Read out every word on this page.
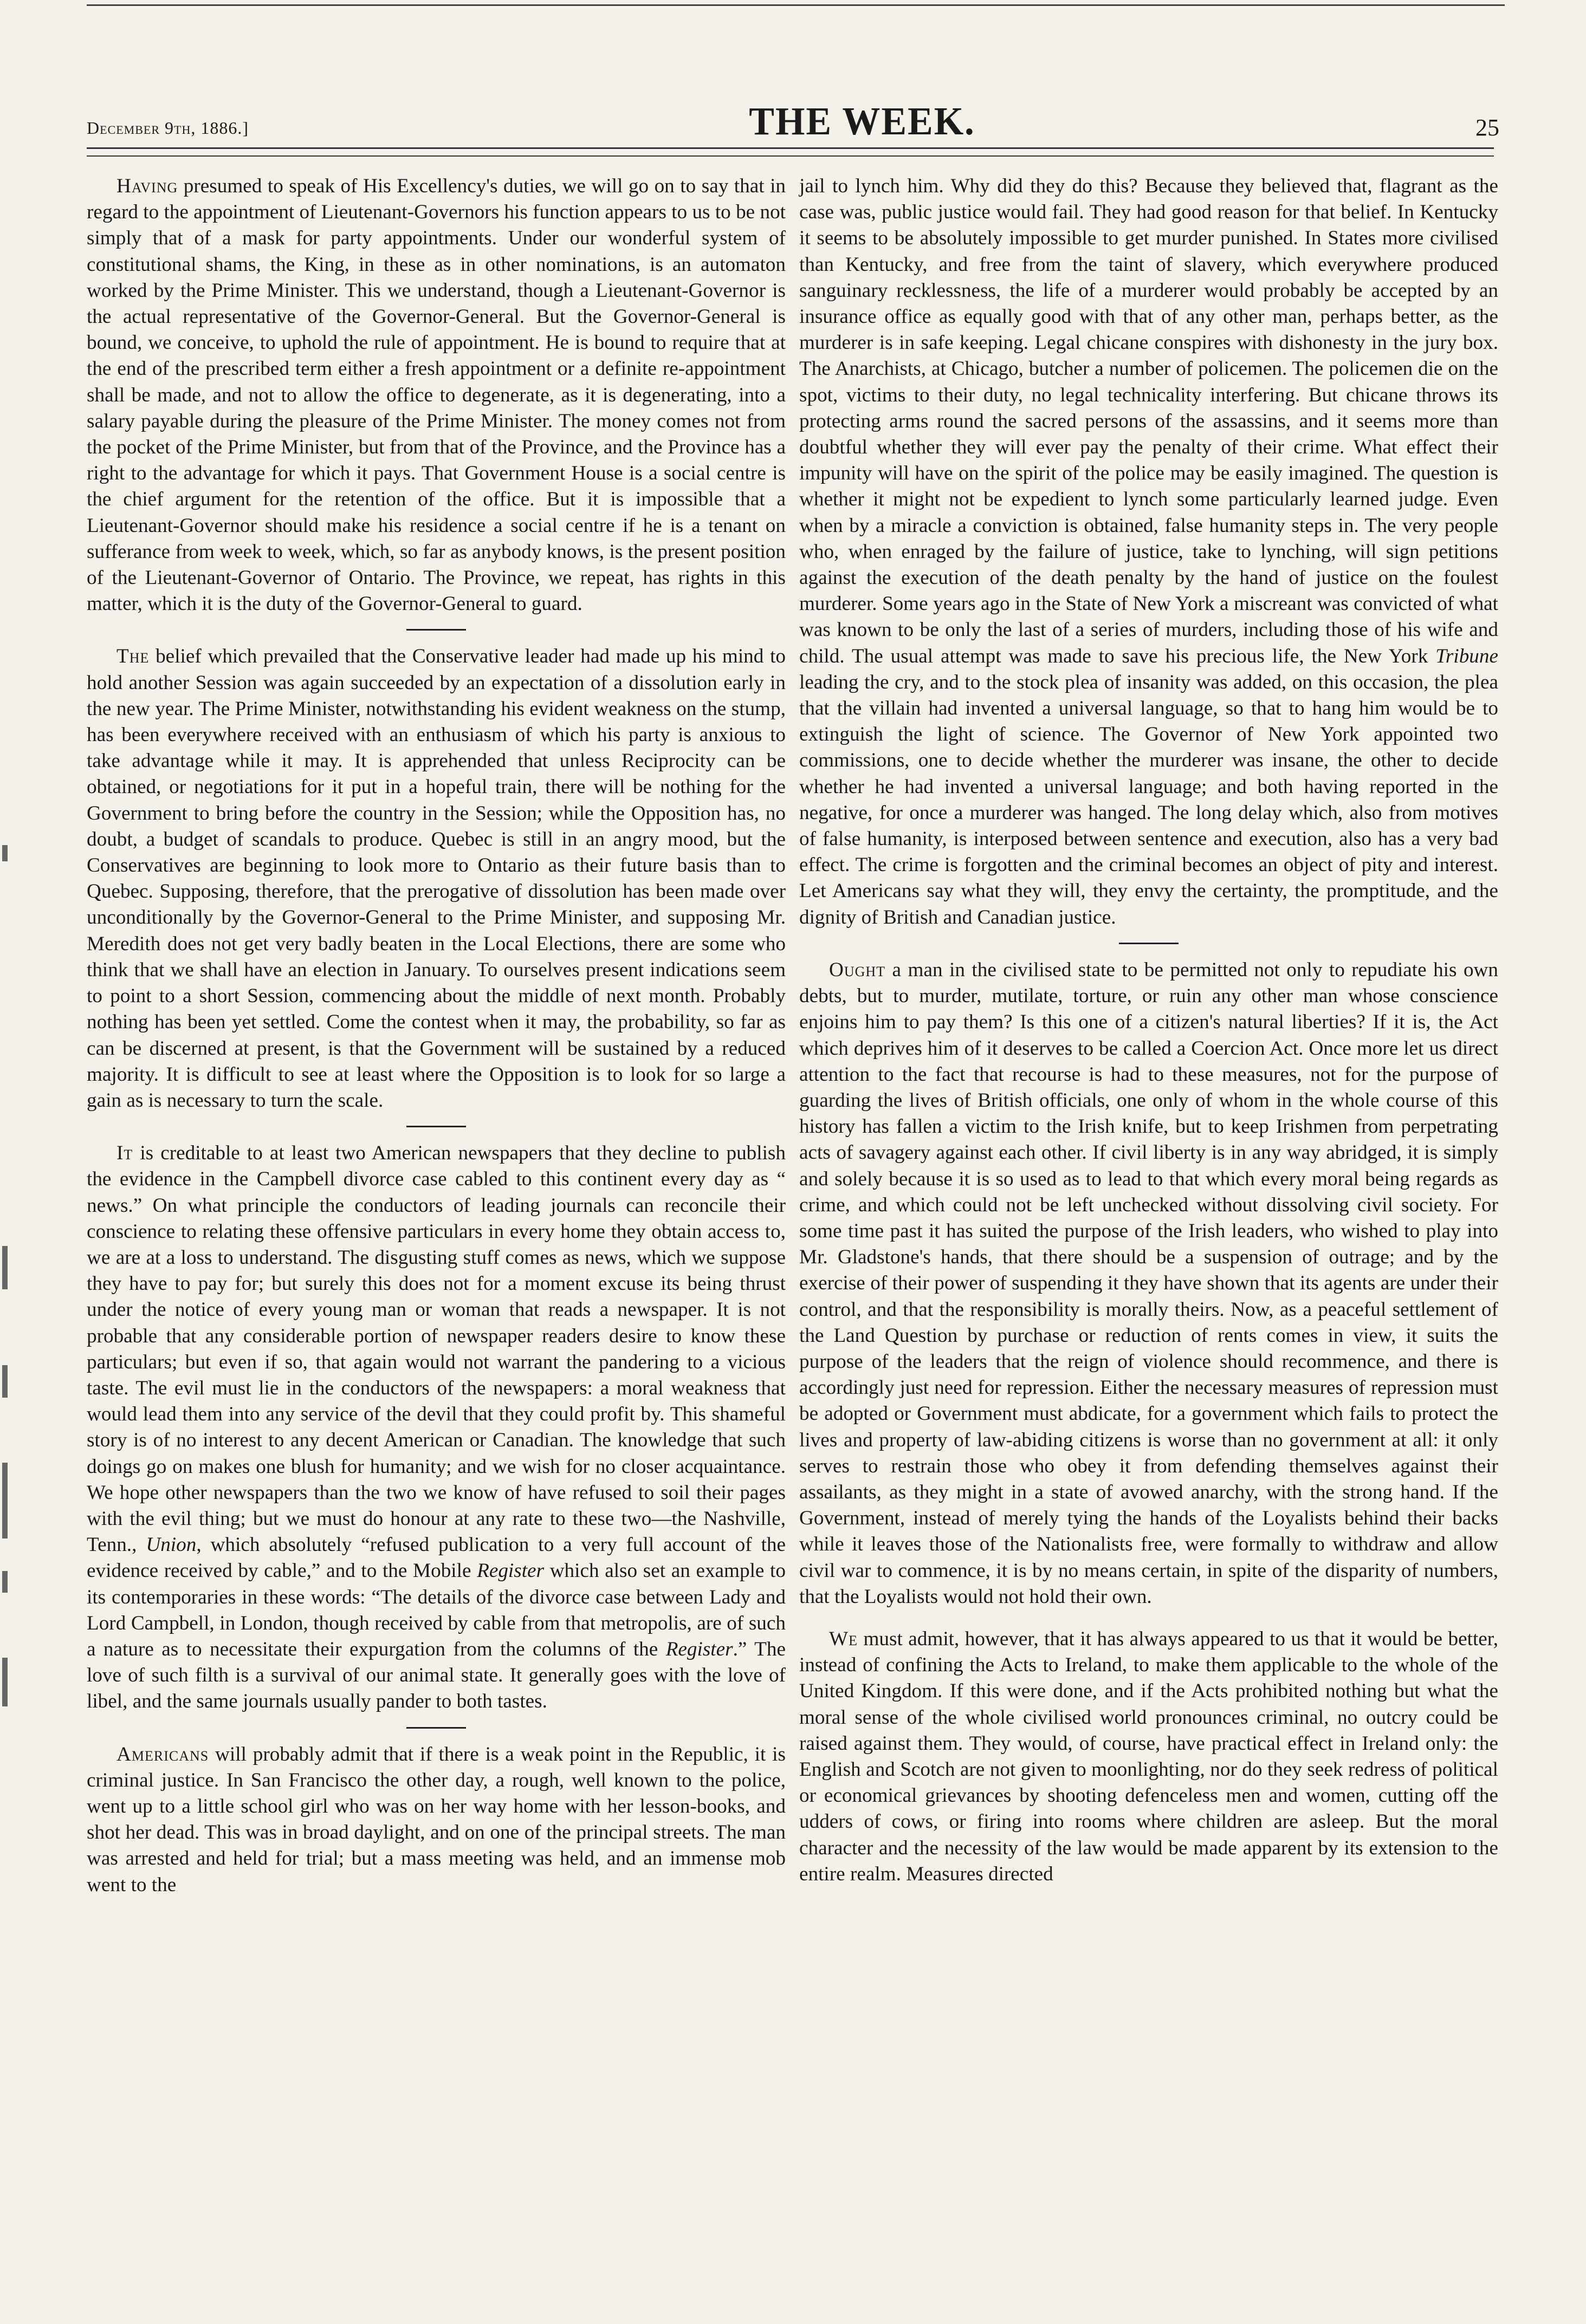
December 9th, 1886.]	THE WEEK.	25

Having presumed to speak of His Excellency's duties, we will go on to say that in regard to the appointment of Lieutenant-Governors his function appears to us to be not simply that of a mask for party appointments. Under our wonderful system of constitutional shams, the King, in these as in other nominations, is an automaton worked by the Prime Minister. This we understand, though a Lieutenant-Governor is the actual representative of the Governor-General. But the Governor-General is bound, we conceive, to uphold the rule of appointment. He is bound to require that at the end of the prescribed term either a fresh appointment or a definite re-appointment shall be made, and not to allow the office to degenerate, as it is degenerating, into a salary payable during the pleasure of the Prime Minister. The money comes not from the pocket of the Prime Minister, but from that of the Province, and the Province has a right to the advantage for which it pays. That Government House is a social centre is the chief argument for the retention of the office. But it is impossible that a Lieutenant-Governor should make his residence a social centre if he is a tenant on sufferance from week to week, which, so far as anybody knows, is the present position of the Lieutenant-Governor of Ontario. The Province, we repeat, has rights in this matter, which it is the duty of the Governor-General to guard.

The belief which prevailed that the Conservative leader had made up his mind to hold another Session was again succeeded by an expectation of a dissolution early in the new year. The Prime Minister, notwithstanding his evident weakness on the stump, has been everywhere received with an enthusiasm of which his party is anxious to take advantage while it may. It is apprehended that unless Reciprocity can be obtained, or negotiations for it put in a hopeful train, there will be nothing for the Government to bring before the country in the Session; while the Opposition has, no doubt, a budget of scandals to produce. Quebec is still in an angry mood, but the Conservatives are beginning to look more to Ontario as their future basis than to Quebec. Supposing, therefore, that the prerogative of dissolution has been made over unconditionally by the Governor-General to the Prime Minister, and supposing Mr. Meredith does not get very badly beaten in the Local Elections, there are some who think that we shall have an election in January. To ourselves present indications seem to point to a short Session, commencing about the middle of next month. Probably nothing has been yet settled. Come the contest when it may, the probability, so far as can be discerned at present, is that the Government will be sustained by a reduced majority. It is difficult to see at least where the Opposition is to look for so large a gain as is necessary to turn the scale.

It is creditable to at least two American newspapers that they decline to publish the evidence in the Campbell divorce case cabled to this continent every day as “ news.” On what principle the conductors of leading journals can reconcile their conscience to relating these offensive particulars in every home they obtain access to, we are at a loss to understand. The disgusting stuff comes as news, which we suppose they have to pay for; but surely this does not for a moment excuse its being thrust under the notice of every young man or woman that reads a newspaper. It is not probable that any considerable portion of newspaper readers desire to know these particulars; but even if so, that again would not warrant the pandering to a vicious taste. The evil must lie in the conductors of the newspapers: a moral weakness that would lead them into any service of the devil that they could profit by. This shameful story is of no interest to any decent American or Canadian. The knowledge that such doings go on makes one blush for humanity; and we wish for no closer acquaintance. We hope other newspapers than the two we know of have refused to soil their pages with the evil thing; but we must do honour at any rate to these two—the Nashville, Tenn., Union, which absolutely “refused publication to a very full account of the evidence received by cable,” and to the Mobile Register which also set an example to its contemporaries in these words: “The details of the divorce case between Lady and Lord Campbell, in London, though received by cable from that metropolis, are of such a nature as to necessitate their expurgation from the columns of the Register.” The love of such filth is a survival of our animal state. It generally goes with the love of libel, and the same journals usually pander to both tastes.

Americans will probably admit that if there is a weak point in the Republic, it is criminal justice. In San Francisco the other day, a rough, well known to the police, went up to a little school girl who was on her way home with her lesson-books, and shot her dead. This was in broad daylight, and on one of the principal streets. The man was arrested and held for trial; but a mass meeting was held, and an immense mob went to the

jail to lynch him. Why did they do this? Because they believed that, flagrant as the case was, public justice would fail. They had good reason for that belief. In Kentucky it seems to be absolutely impossible to get murder punished. In States more civilised than Kentucky, and free from the taint of slavery, which everywhere produced sanguinary recklessness, the life of a murderer would probably be accepted by an insurance office as equally good with that of any other man, perhaps better, as the murderer is in safe keeping. Legal chicane conspires with dishonesty in the jury box. The Anarchists, at Chicago, butcher a number of policemen. The policemen die on the spot, victims to their duty, no legal technicality interfering. But chicane throws its protecting arms round the sacred persons of the assassins, and it seems more than doubtful whether they will ever pay the penalty of their crime. What effect their impunity will have on the spirit of the police may be easily imagined. The question is whether it might not be expedient to lynch some particularly learned judge. Even when by a miracle a conviction is obtained, false humanity steps in. The very people who, when enraged by the failure of justice, take to lynching, will sign petitions against the execution of the death penalty by the hand of justice on the foulest murderer. Some years ago in the State of New York a miscreant was convicted of what was known to be only the last of a series of murders, including those of his wife and child. The usual attempt was made to save his precious life, the New York Tribune leading the cry, and to the stock plea of insanity was added, on this occasion, the plea that the villain had invented a universal language, so that to hang him would be to extinguish the light of science. The Governor of New York appointed two commissions, one to decide whether the murderer was insane, the other to decide whether he had invented a universal language; and both having reported in the negative, for once a murderer was hanged. The long delay which, also from motives of false humanity, is interposed between sentence and execution, also has a very bad effect. The crime is forgotten and the criminal becomes an object of pity and interest. Let Americans say what they will, they envy the certainty, the promptitude, and the dignity of British and Canadian justice.

Ought a man in the civilised state to be permitted not only to repudiate his own debts, but to murder, mutilate, torture, or ruin any other man whose conscience enjoins him to pay them? Is this one of a citizen's natural liberties? If it is, the Act which deprives him of it deserves to be called a Coercion Act. Once more let us direct attention to the fact that recourse is had to these measures, not for the purpose of guarding the lives of British officials, one only of whom in the whole course of this history has fallen a victim to the Irish knife, but to keep Irishmen from perpetrating acts of savagery against each other. If civil liberty is in any way abridged, it is simply and solely because it is so used as to lead to that which every moral being regards as crime, and which could not be left unchecked without dissolving civil society. For some time past it has suited the purpose of the Irish leaders, who wished to play into Mr. Gladstone's hands, that there should be a suspension of outrage; and by the exercise of their power of suspending it they have shown that its agents are under their control, and that the responsibility is morally theirs. Now, as a peaceful settlement of the Land Question by purchase or reduction of rents comes in view, it suits the purpose of the leaders that the reign of violence should recommence, and there is accordingly just need for repression. Either the necessary measures of repression must be adopted or Government must abdicate, for a government which fails to protect the lives and property of law-abiding citizens is worse than no government at all: it only serves to restrain those who obey it from defending themselves against their assailants, as they might in a state of avowed anarchy, with the strong hand. If the Government, instead of merely tying the hands of the Loyalists behind their backs while it leaves those of the Nationalists free, were formally to withdraw and allow civil war to commence, it is by no means certain, in spite of the disparity of numbers, that the Loyalists would not hold their own.

We must admit, however, that it has always appeared to us that it would be better, instead of confining the Acts to Ireland, to make them applicable to the whole of the United Kingdom. If this were done, and if the Acts prohibited nothing but what the moral sense of the whole civilised world pronounces criminal, no outcry could be raised against them. They would, of course, have practical effect in Ireland only: the English and Scotch are not given to moonlighting, nor do they seek redress of political or economical grievances by shooting defenceless men and women, cutting off the udders of cows, or firing into rooms where children are asleep. But the moral character and the necessity of the law would be made apparent by its extension to the entire realm. Measures directed
